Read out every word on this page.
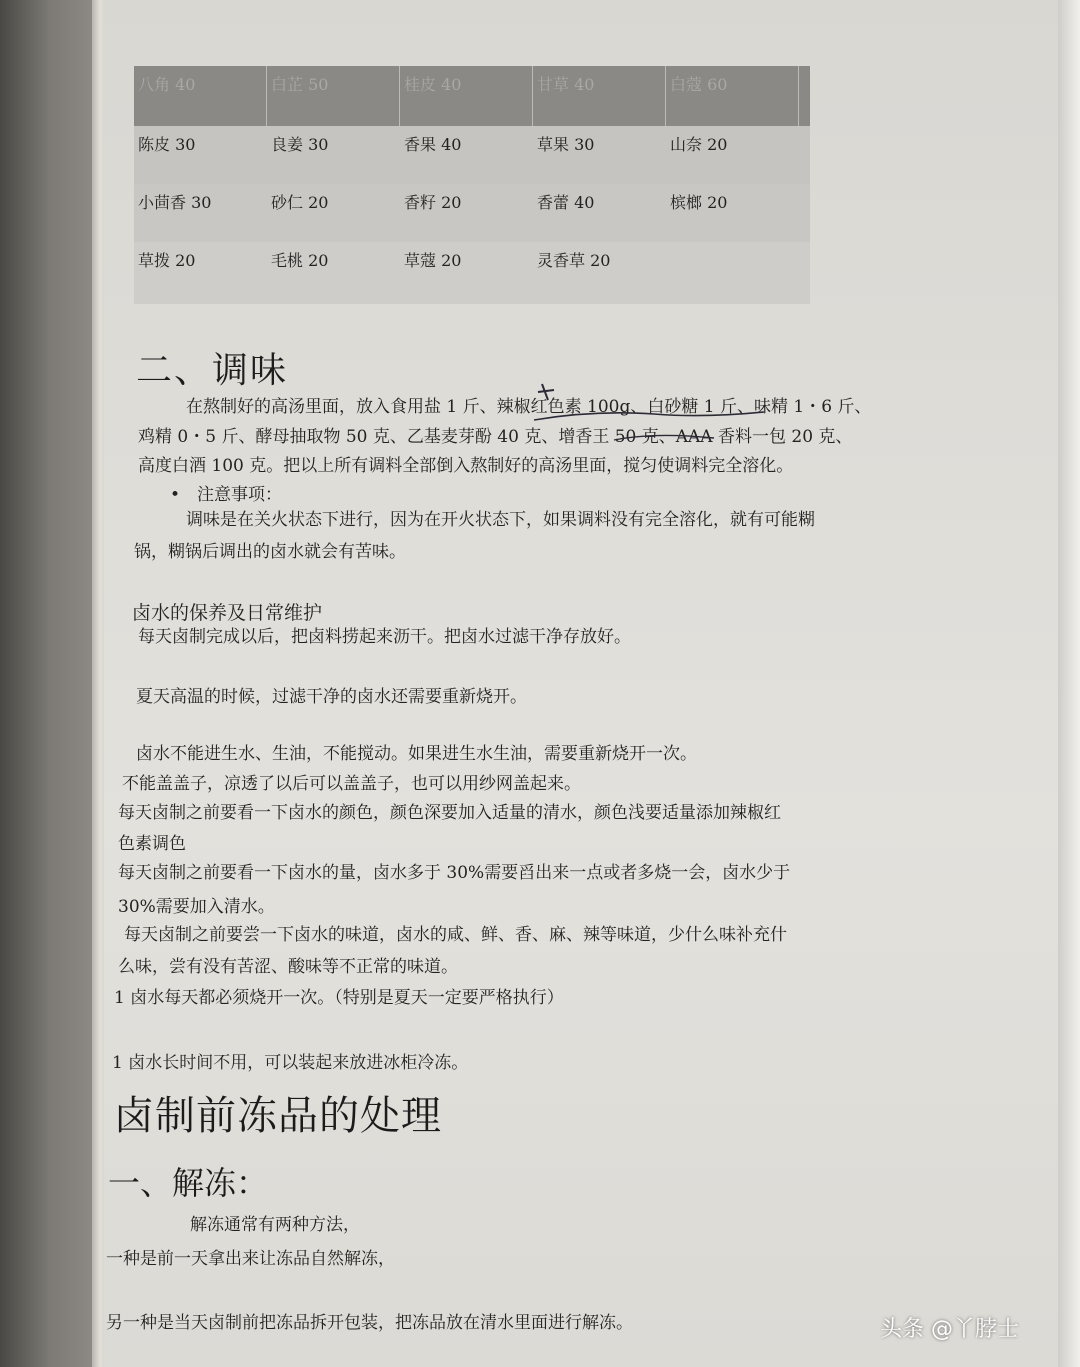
八角 40	白芷 50	桂皮 40	甘草 40	白蔻 60
陈皮 30	良姜 30	香果 40	草果 30	山奈 20
小茴香 30	砂仁 20	香籽 20	香蕾 40	槟榔 20
草拨 20	毛桃 20	草蔻 20	灵香草 20
二、调味
在熬制好的高汤里面，放入食用盐 1 斤、辣椒红色素 100g、白砂糖 1 斤、味精 1・6 斤、
鸡精 0・5 斤、酵母抽取物 50 克、乙基麦芽酚 40 克、增香王 50 克、AAA 香料一包 20 克、
高度白酒 100 克。把以上所有调料全部倒入熬制好的高汤里面，搅匀使调料完全溶化。
•　注意事项：
调味是在关火状态下进行，因为在开火状态下，如果调料没有完全溶化，就有可能糊
锅，糊锅后调出的卤水就会有苦味。
卤水的保养及日常维护
每天卤制完成以后，把卤料捞起来沥干。把卤水过滤干净存放好。
夏天高温的时候，过滤干净的卤水还需要重新烧开。
卤水不能进生水、生油，不能搅动。如果进生水生油，需要重新烧开一次。
不能盖盖子，凉透了以后可以盖盖子，也可以用纱网盖起来。
每天卤制之前要看一下卤水的颜色，颜色深要加入适量的清水，颜色浅要适量添加辣椒红
色素调色
每天卤制之前要看一下卤水的量，卤水多于 30%需要舀出来一点或者多烧一会，卤水少于
30%需要加入清水。
每天卤制之前要尝一下卤水的味道，卤水的咸、鲜、香、麻、辣等味道，少什么味补充什
么味，尝有没有苦涩、酸味等不正常的味道。
1 卤水每天都必须烧开一次。（特别是夏天一定要严格执行）
1 卤水长时间不用，可以装起来放进冰柜冷冻。
卤制前冻品的处理
一、解冻：
解冻通常有两种方法，
一种是前一天拿出来让冻品自然解冻，
另一种是当天卤制前把冻品拆开包装，把冻品放在清水里面进行解冻。	头条 @丫脖士
